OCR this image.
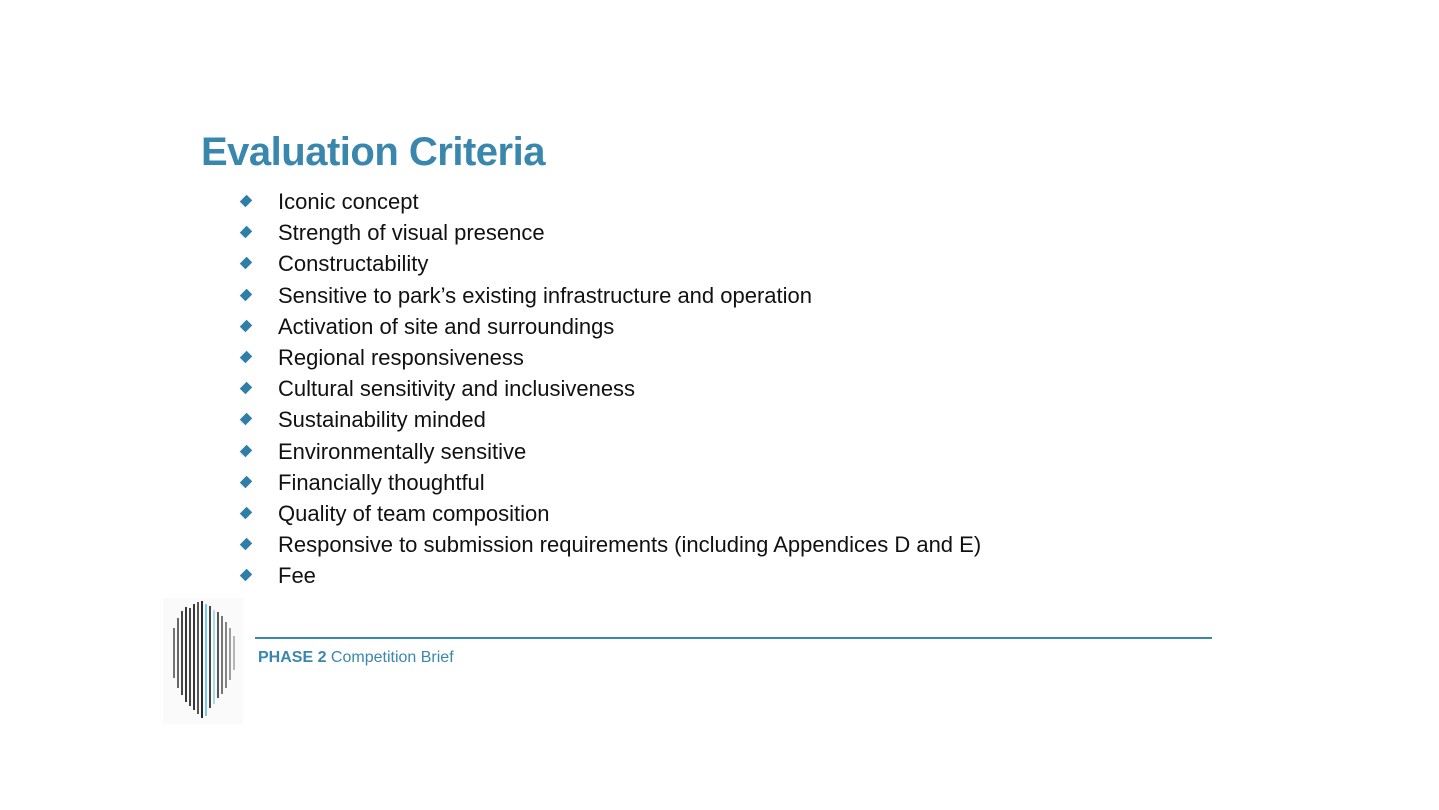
Evaluation Criteria
Iconic concept
Strength of visual presence
Constructability
Sensitive to park’s existing infrastructure and operation
Activation of site and surroundings
Regional responsiveness
Cultural sensitivity and inclusiveness
Sustainability minded
Environmentally sensitive
Financially thoughtful
Quality of team composition
Responsive to submission requirements (including Appendices D and E)
Fee
PHASE 2 Competition Brief
